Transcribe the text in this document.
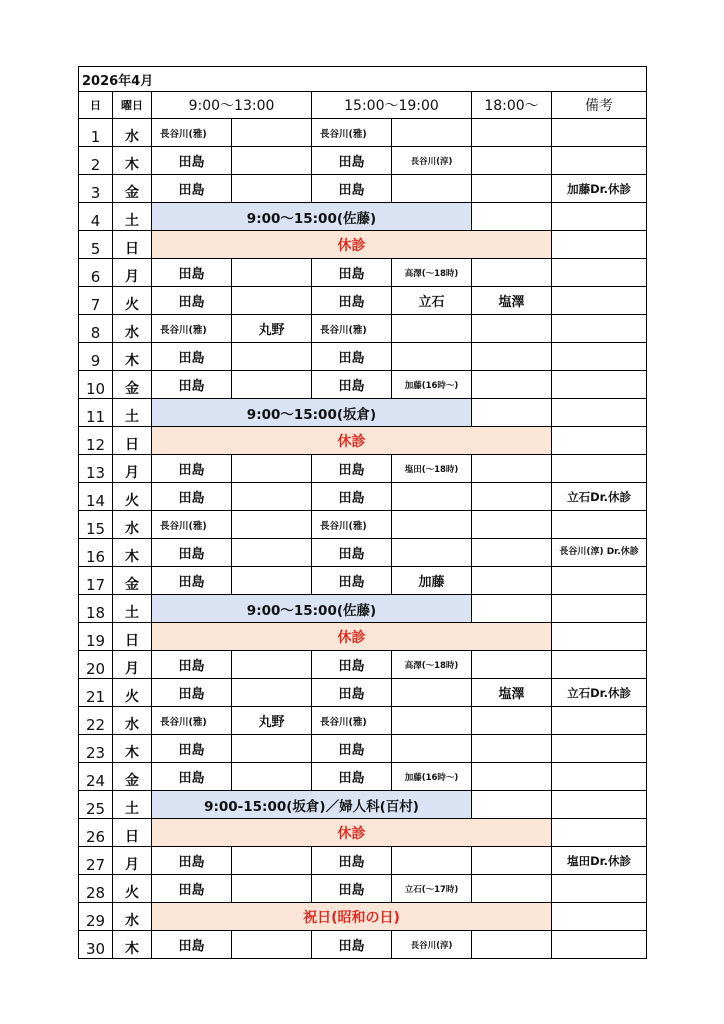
2026年4月							
日	曜日	9:00～13:00		15:00～19:00		18:00～	備考
1	水	長谷川(雅)		長谷川(雅)			
2	木	田島		田島	長谷川(淳)		
3	金	田島		田島			加藤Dr.休診
4	土	9:00～15:00(佐藤)					
5	日	休診					
6	月	田島		田島	高澤(～18時)		
7	火	田島		田島	立石	塩澤	
8	水	長谷川(雅)	丸野	長谷川(雅)			
9	木	田島		田島			
10	金	田島		田島	加藤(16時～)		
11	土	9:00～15:00(坂倉)					
12	日	休診					
13	月	田島		田島	塩田(～18時)		
14	火	田島		田島			立石Dr.休診
15	水	長谷川(雅)		長谷川(雅)			
16	木	田島		田島			長谷川(淳) Dr.休診
17	金	田島		田島	加藤		
18	土	9:00～15:00(佐藤)					
19	日	休診					
20	月	田島		田島	高澤(～18時)		
21	火	田島		田島		塩澤	立石Dr.休診
22	水	長谷川(雅)	丸野	長谷川(雅)			
23	木	田島		田島			
24	金	田島		田島	加藤(16時～)		
25	土	9:00-15:00(坂倉)／婦人科(百村)					
26	日	休診					
27	月	田島		田島			塩田Dr.休診
28	火	田島		田島	立石(～17時)		
29	水	祝日(昭和の日)					
30	木	田島		田島	長谷川(淳)		
